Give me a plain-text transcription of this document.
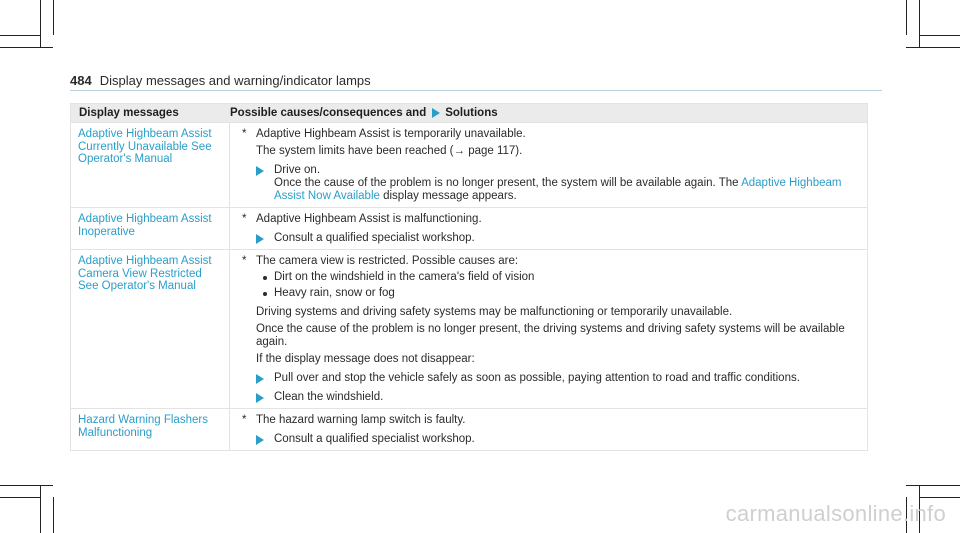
484 Display messages and warning/indicator lamps
Display messages	Possible causes/consequences and Solutions
Adaptive Highbeam Assist Currently Unavailable See Operator's Manual
* Adaptive Highbeam Assist is temporarily unavailable.
The system limits have been reached (→ page 117).
Drive on.
Once the cause of the problem is no longer present, the system will be available again. The Adaptive Highbeam Assist Now Available display message appears.
Adaptive Highbeam Assist Inoperative
* Adaptive Highbeam Assist is malfunctioning.
Consult a qualified specialist workshop.
Adaptive Highbeam Assist Camera View Restricted See Operator's Manual
* The camera view is restricted. Possible causes are:
Dirt on the windshield in the camera's field of vision
Heavy rain, snow or fog
Driving systems and driving safety systems may be malfunctioning or temporarily unavailable.
Once the cause of the problem is no longer present, the driving systems and driving safety systems will be available again.
If the display message does not disappear:
Pull over and stop the vehicle safely as soon as possible, paying attention to road and traffic conditions.
Clean the windshield.
Hazard Warning Flashers Malfunctioning
* The hazard warning lamp switch is faulty.
Consult a qualified specialist workshop.
carmanualsonline.info
